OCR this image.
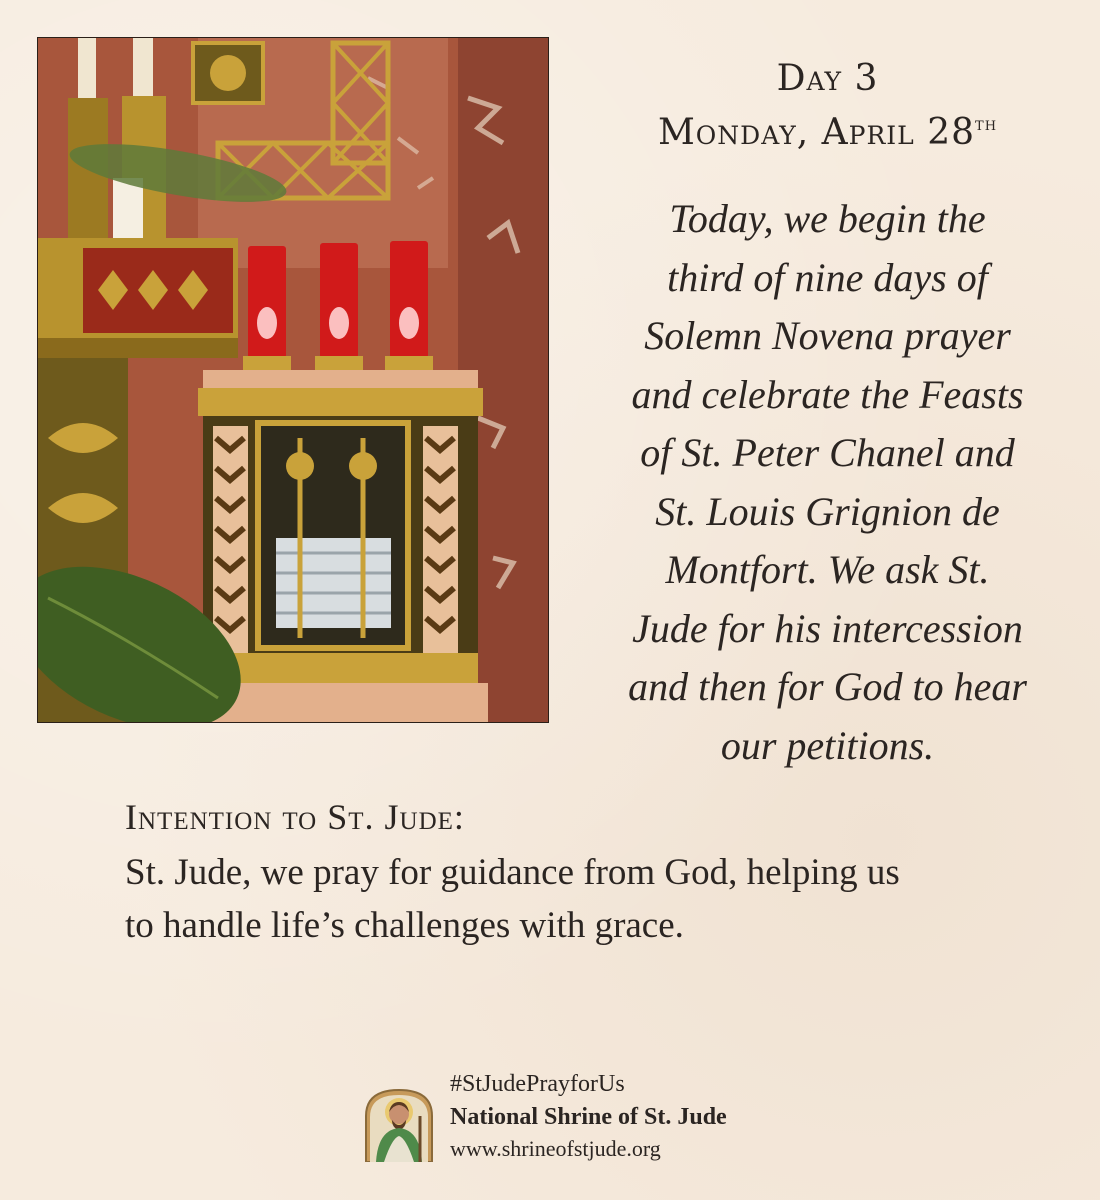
Day 3
Monday, April 28th
Today, we begin the
third of nine days of
Solemn Novena prayer
and celebrate the Feasts
of St. Peter Chanel and
St. Louis Grignion de
Montfort. We ask St.
Jude for his intercession
and then for God to hear
our petitions.
Intention to St. Jude:
St. Jude, we pray for guidance from God, helping us
to handle life’s challenges with grace.
#StJudePrayforUs
National Shrine of St. Jude
www.shrineofstjude.org
